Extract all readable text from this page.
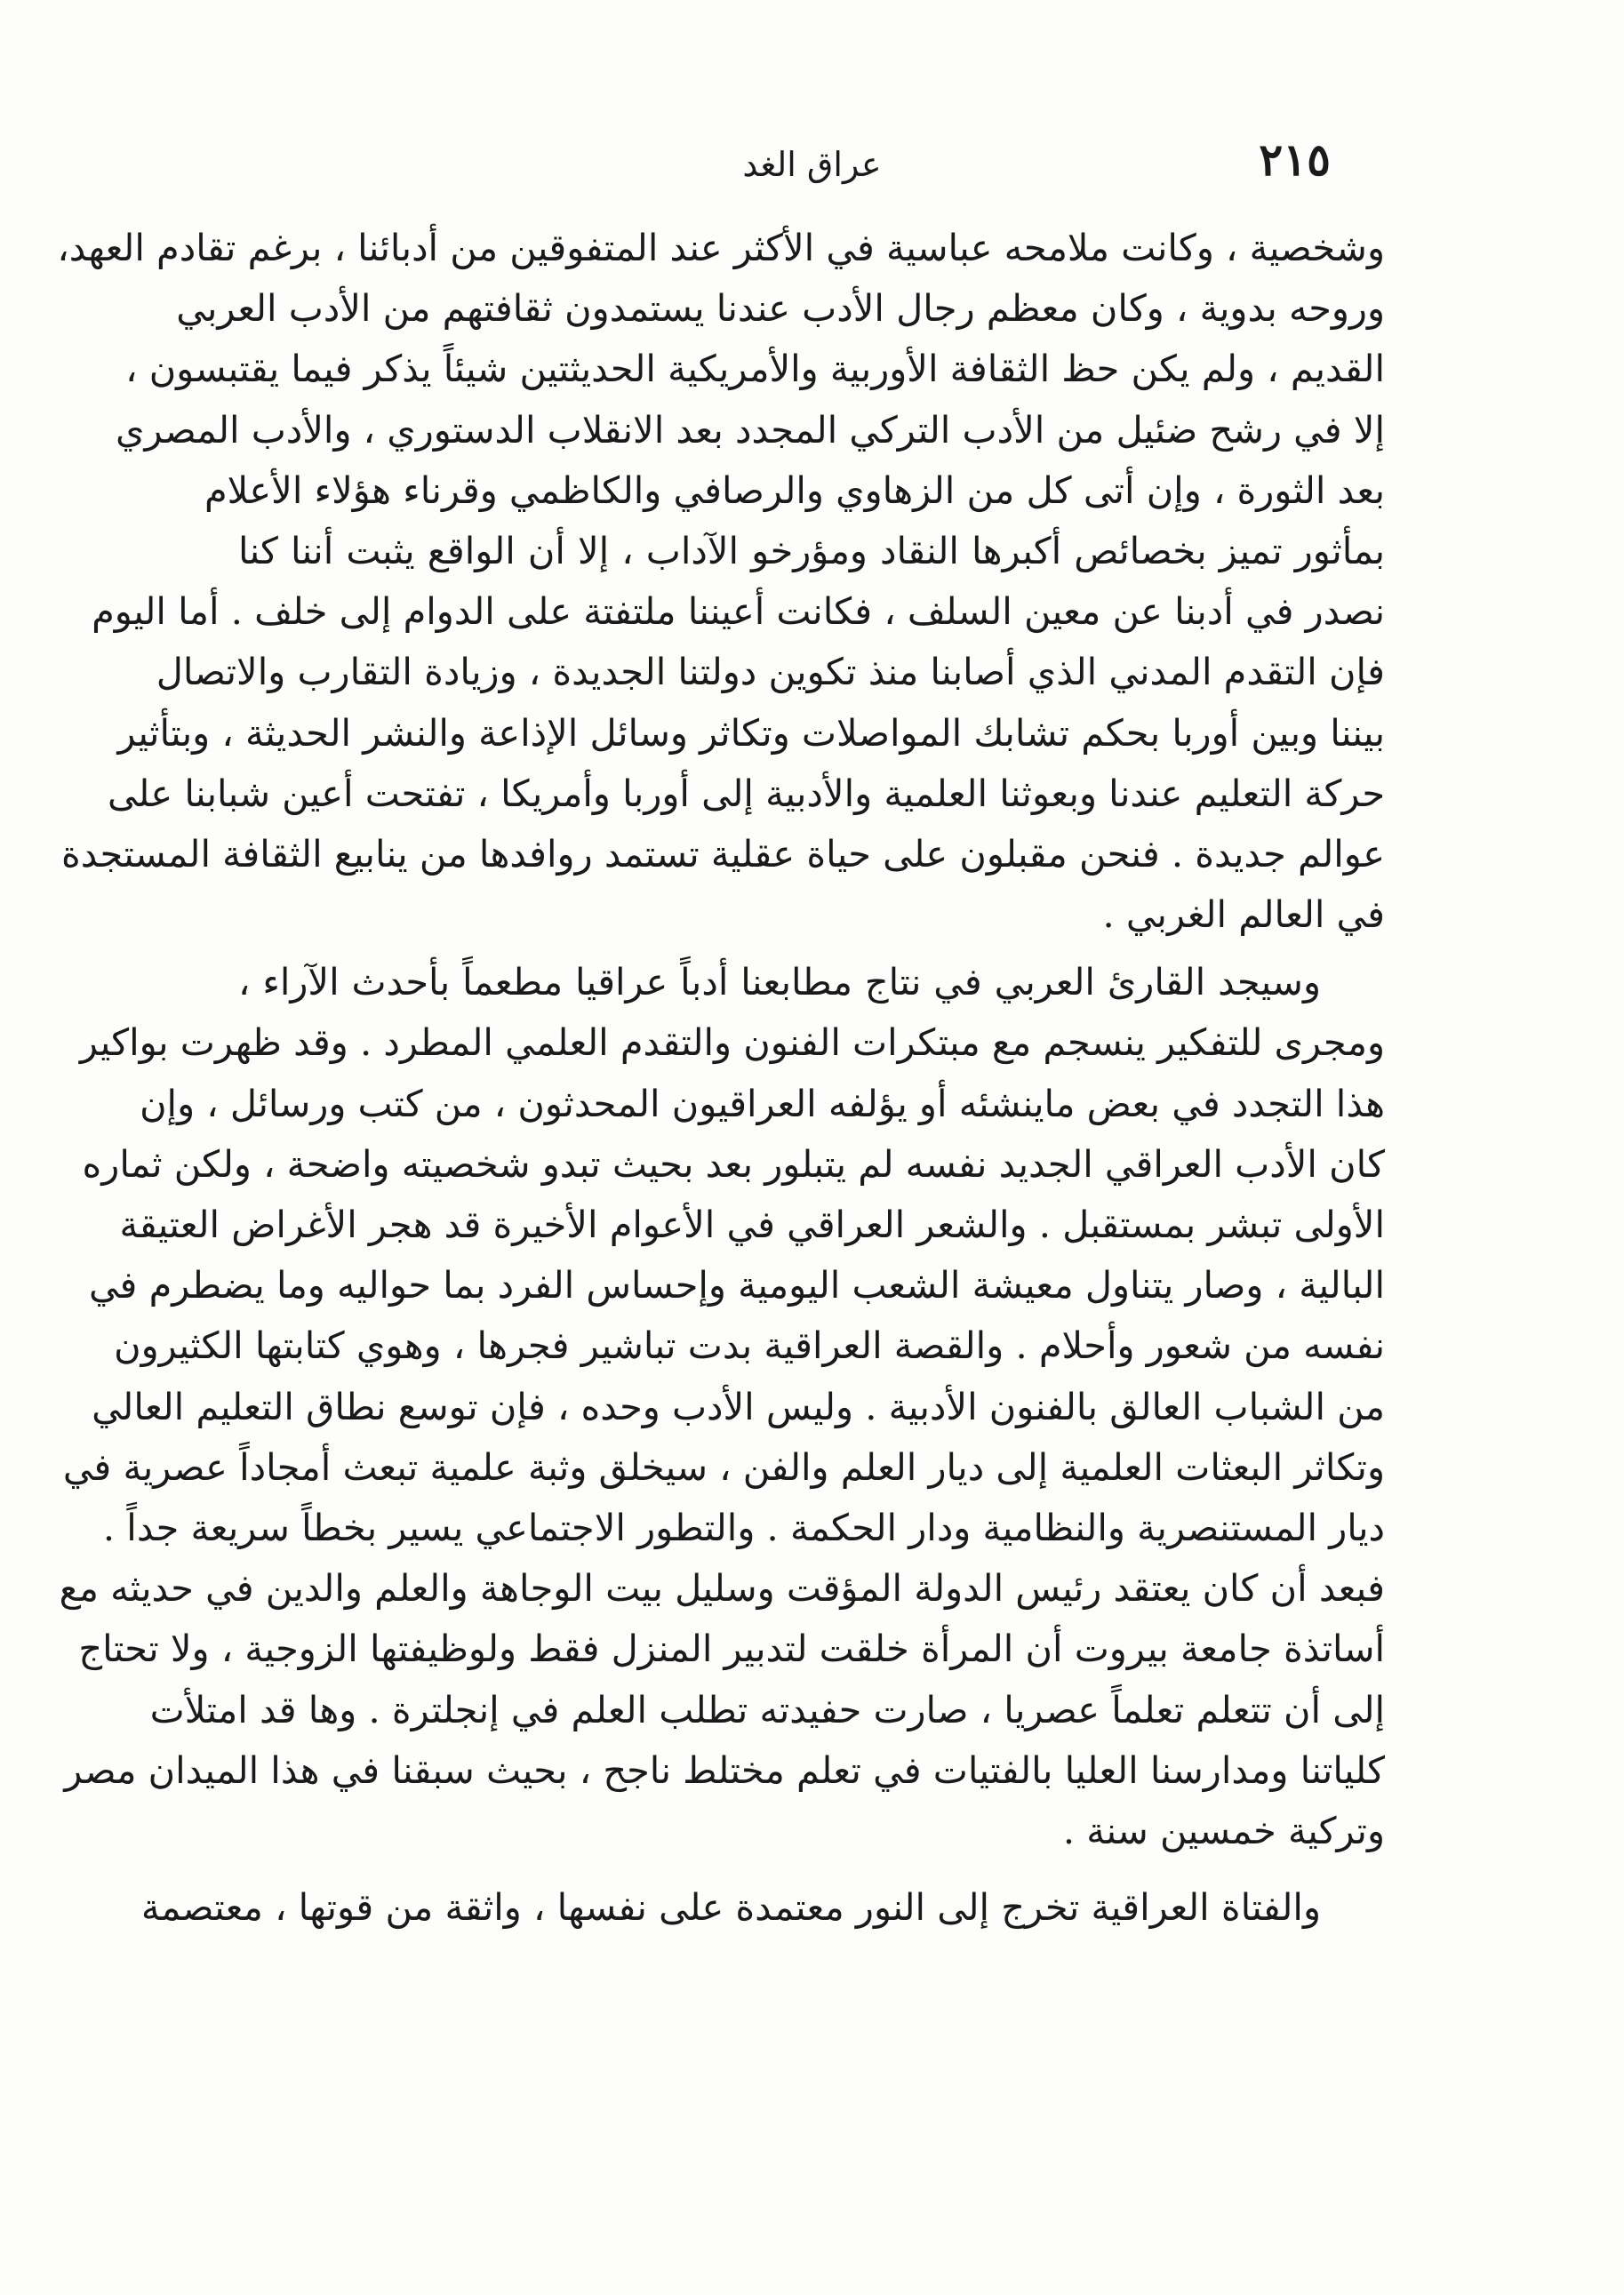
٢١٥
عراق الغد
وشخصية ، وكانت ملامحه عباسية في الأكثر عند المتفوقين من أدبائنا ، برغم تقادم العهد،
وروحه بدوية ، وكان معظم رجال الأدب عندنا يستمدون ثقافتهم من الأدب العربي
القديم ، ولم يكن حظ الثقافة الأوربية والأمريكية الحديثتين شيئاً يذكر فيما يقتبسون ،
إلا في رشح ضئيل من الأدب التركي المجدد بعد الانقلاب الدستوري ، والأدب المصري
بعد الثورة ، وإن أتى كل من الزهاوي والرصافي والكاظمي وقرناء هؤلاء الأعلام
بمأثور تميز بخصائص أكبرها النقاد ومؤرخو الآداب ، إلا أن الواقع يثبت أننا كنا
نصدر في أدبنا عن معين السلف ، فكانت أعيننا ملتفتة على الدوام إلى خلف . أما اليوم
فإن التقدم المدني الذي أصابنا منذ تكوين دولتنا الجديدة ، وزيادة التقارب والاتصال
بيننا وبين أوربا بحكم تشابك المواصلات وتكاثر وسائل الإذاعة والنشر الحديثة ، وبتأثير
حركة التعليم عندنا وبعوثنا العلمية والأدبية إلى أوربا وأمريكا ، تفتحت أعين شبابنا على
عوالم جديدة . فنحن مقبلون على حياة عقلية تستمد روافدها من ينابيع الثقافة المستجدة
في العالم الغربي .
وسيجد القارئ العربي في نتاج مطابعنا أدباً عراقيا مطعماً بأحدث الآراء ،
ومجرى للتفكير ينسجم مع مبتكرات الفنون والتقدم العلمي المطرد . وقد ظهرت بواكير
هذا التجدد في بعض ماينشئه أو يؤلفه العراقيون المحدثون ، من كتب ورسائل ، وإن
كان الأدب العراقي الجديد نفسه لم يتبلور بعد بحيث تبدو شخصيته واضحة ، ولكن ثماره
الأولى تبشر بمستقبل . والشعر العراقي في الأعوام الأخيرة قد هجر الأغراض العتيقة
البالية ، وصار يتناول معيشة الشعب اليومية وإحساس الفرد بما حواليه وما يضطرم في
نفسه من شعور وأحلام . والقصة العراقية بدت تباشير فجرها ، وهوي كتابتها الكثيرون
من الشباب العالق بالفنون الأدبية . وليس الأدب وحده ، فإن توسع نطاق التعليم العالي
وتكاثر البعثات العلمية إلى ديار العلم والفن ، سيخلق وثبة علمية تبعث أمجاداً عصرية في
ديار المستنصرية والنظامية ودار الحكمة . والتطور الاجتماعي يسير بخطاً سريعة جداً .
فبعد أن كان يعتقد رئيس الدولة المؤقت وسليل بيت الوجاهة والعلم والدين في حديثه مع
أساتذة جامعة بيروت أن المرأة خلقت لتدبير المنزل فقط ولوظيفتها الزوجية ، ولا تحتاج
إلى أن تتعلم تعلماً عصريا ، صارت حفيدته تطلب العلم في إنجلترة . وها قد امتلأت
كلياتنا ومدارسنا العليا بالفتيات في تعلم مختلط ناجح ، بحيث سبقنا في هذا الميدان مصر
وتركية خمسين سنة .
والفتاة العراقية تخرج إلى النور معتمدة على نفسها ، واثقة من قوتها ، معتصمة
